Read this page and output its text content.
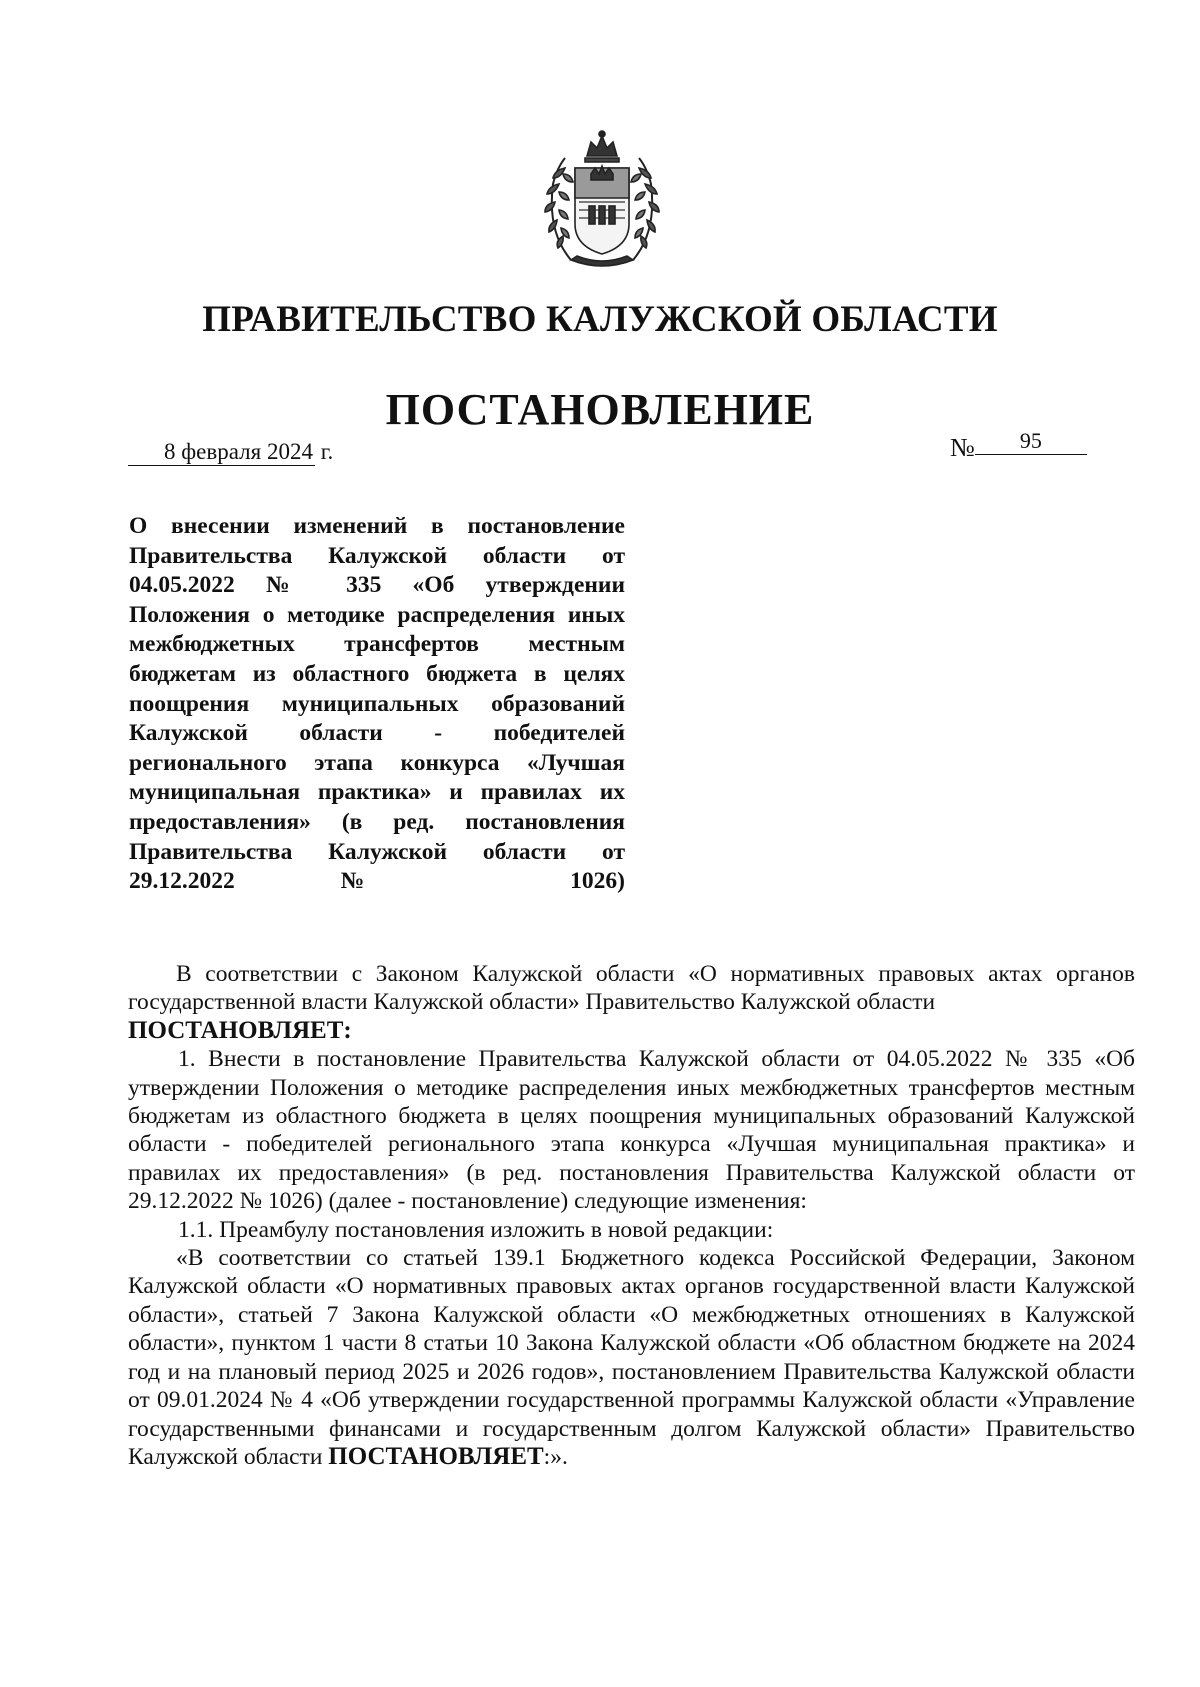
ПРАВИТЕЛЬСТВО КАЛУЖСКОЙ ОБЛАСТИ
ПОСТАНОВЛЕНИЕ
8 февраля 2024 г.	№ 95
О внесении изменений в постановление Правительства Калужской области от 04.05.2022 № 335 «Об утверждении Положения о методике распределения иных межбюджетных трансфертов местным бюджетам из областного бюджета в целях поощрения муниципальных образований Калужской области - победителей регионального этапа конкурса «Лучшая муниципальная практика» и правилах их предоставления» (в ред. постановления Правительства Калужской области от 29.12.2022 № 1026)

В соответствии с Законом Калужской области «О нормативных правовых актах органов государственной власти Калужской области» Правительство Калужской области

ПОСТАНОВЛЯЕТ:

1. Внести в постановление Правительства Калужской области от 04.05.2022 № 335 «Об утверждении Положения о методике распределения иных межбюджетных трансфертов местным бюджетам из областного бюджета в целях поощрения муниципальных образований Калужской области - победителей регионального этапа конкурса «Лучшая муниципальная практика» и правилах их предоставления» (в ред. постановления Правительства Калужской области от 29.12.2022 № 1026) (далее - постановление) следующие изменения:

1.1. Преамбулу постановления изложить в новой редакции:

«В соответствии со статьей 139.1 Бюджетного кодекса Российской Федерации, Законом Калужской области «О нормативных правовых актах органов государственной власти Калужской области», статьей 7 Закона Калужской области «О межбюджетных отношениях в Калужской области», пунктом 1 части 8 статьи 10 Закона Калужской области «Об областном бюджете на 2024 год и на плановый период 2025 и 2026 годов», постановлением Правительства Калужской области от 09.01.2024 № 4 «Об утверждении государственной программы Калужской области «Управление государственными финансами и государственным долгом Калужской области» Правительство Калужской области ПОСТАНОВЛЯЕТ:».
